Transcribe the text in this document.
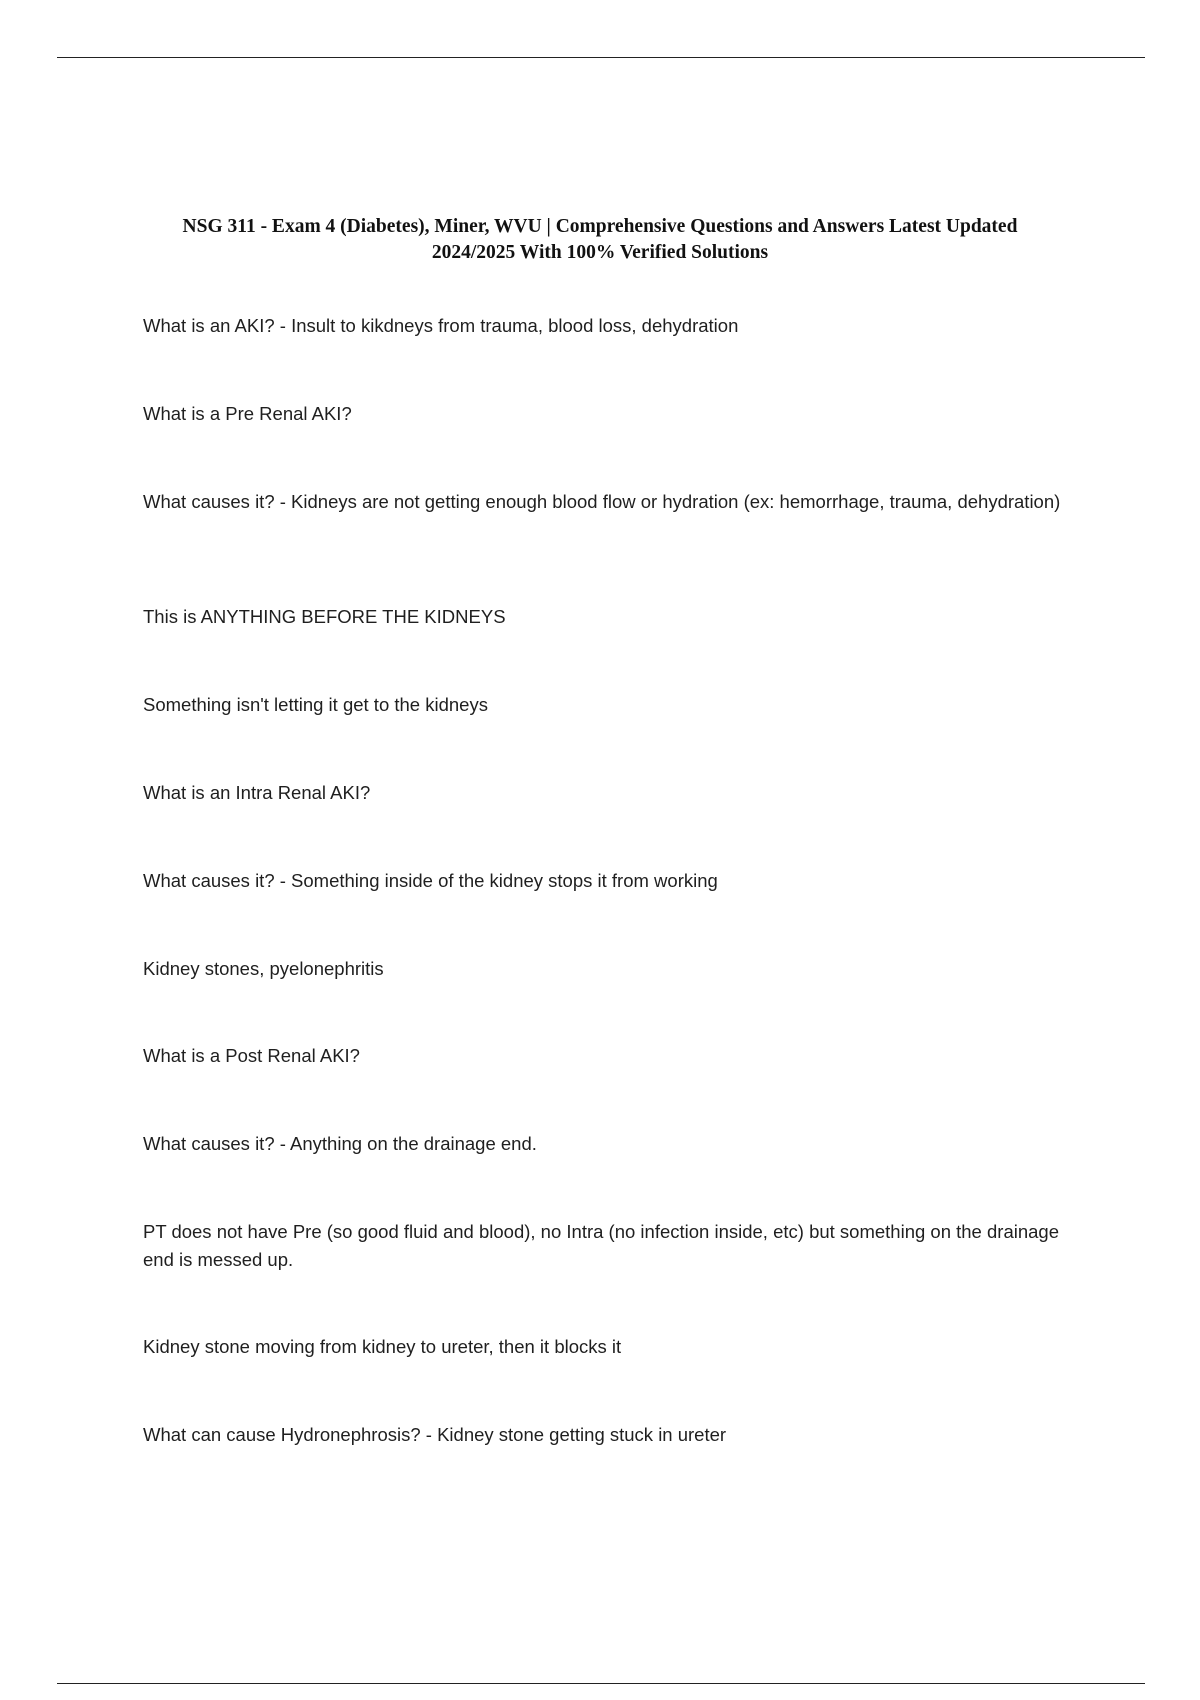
NSG 311 - Exam 4 (Diabetes), Miner, WVU | Comprehensive Questions and Answers Latest Updated 2024/2025 With 100% Verified Solutions

What is an AKI? - Insult to kikdneys from trauma, blood loss, dehydration

What is a Pre Renal AKI?

What causes it? - Kidneys are not getting enough blood flow or hydration (ex: hemorrhage, trauma, dehydration)

This is ANYTHING BEFORE THE KIDNEYS

Something isn't letting it get to the kidneys

What is an Intra Renal AKI?

What causes it? - Something inside of the kidney stops it from working

Kidney stones, pyelonephritis

What is a Post Renal AKI?

What causes it? - Anything on the drainage end.

PT does not have Pre (so good fluid and blood), no Intra (no infection inside, etc) but something on the drainage end is messed up.

Kidney stone moving from kidney to ureter, then it blocks it

What can cause Hydronephrosis? - Kidney stone getting stuck in ureter
